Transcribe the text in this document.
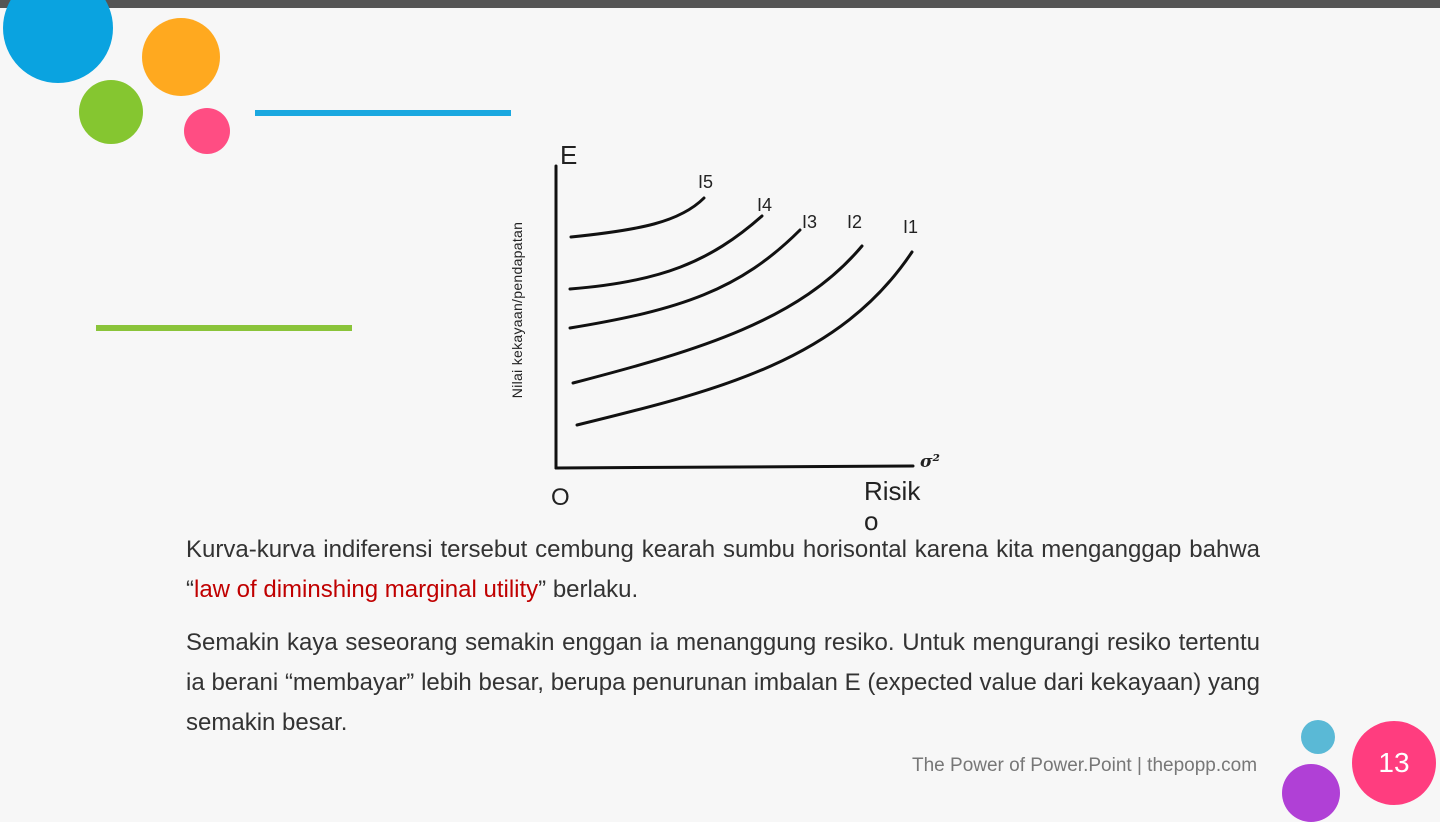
Nilai kekayaan/pendapatan
E
O	Risiko
σ²
I5
I4
I3 I2 I1
Kurva-kurva indiferensi tersebut cembung kearah sumbu horisontal karena kita menganggap bahwa “law of diminshing marginal utility” berlaku.
Semakin kaya seseorang semakin enggan ia menanggung resiko. Untuk mengurangi resiko tertentu ia berani “membayar” lebih besar, berupa penurunan imbalan E (expected value dari kekayaan) yang semakin besar.
The Power of Power.Point | thepopp.com	13
